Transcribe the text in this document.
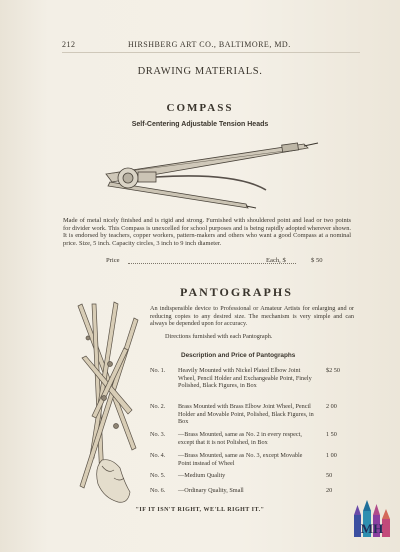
212	HIRSHBERG ART CO., BALTIMORE, MD.
DRAWING MATERIALS.
COMPASS
Self-Centering Adjustable Tension Heads
Made of metal nicely finished and is rigid and strong. Furnished with shouldered point and lead or two points for divider work. This Compass is unexcelled for school purposes and is being rapidly adopted wherever shown. It is endorsed by teachers, copper workers, pattern-makers and others who want a good Compass at a nominal price. Size, 5 inch. Capacity circles, 3 inch to 9 inch diameter.
Price	Each, $	$ 50
PANTOGRAPHS
An indispensible device to Professional or Amateur Artists for enlarging and or reducing copies to any desired size. The mechanism is very simple and can always be depended upon for accuracy.
Directions furnished with each Pantograph.
Description and Price of Pantographs
No. 1.	Heavily Mounted with Nickel Plated Elbow Joint Wheel, Pencil Holder and Exchangeable Point, Finely Polished, Black Figures, in Box
$2 50
No. 2.	Brass Mounted with Brass Elbow Joint Wheel, Pencil Holder and Movable Point, Polished, Black Figures, in Box
2 00
No. 3.	—Brass Mounted, same as No. 2 in every respect, except that it is not Polished, in Box
1 50
No. 4.	—Brass Mounted, same as No. 3, except Movable Point instead of Wheel
1 00
No. 5.	—Medium Quality	50
No. 6.	—Ordinary Quality, Small	20
"IF IT ISN'T RIGHT, WE'LL RIGHT IT."
MH
